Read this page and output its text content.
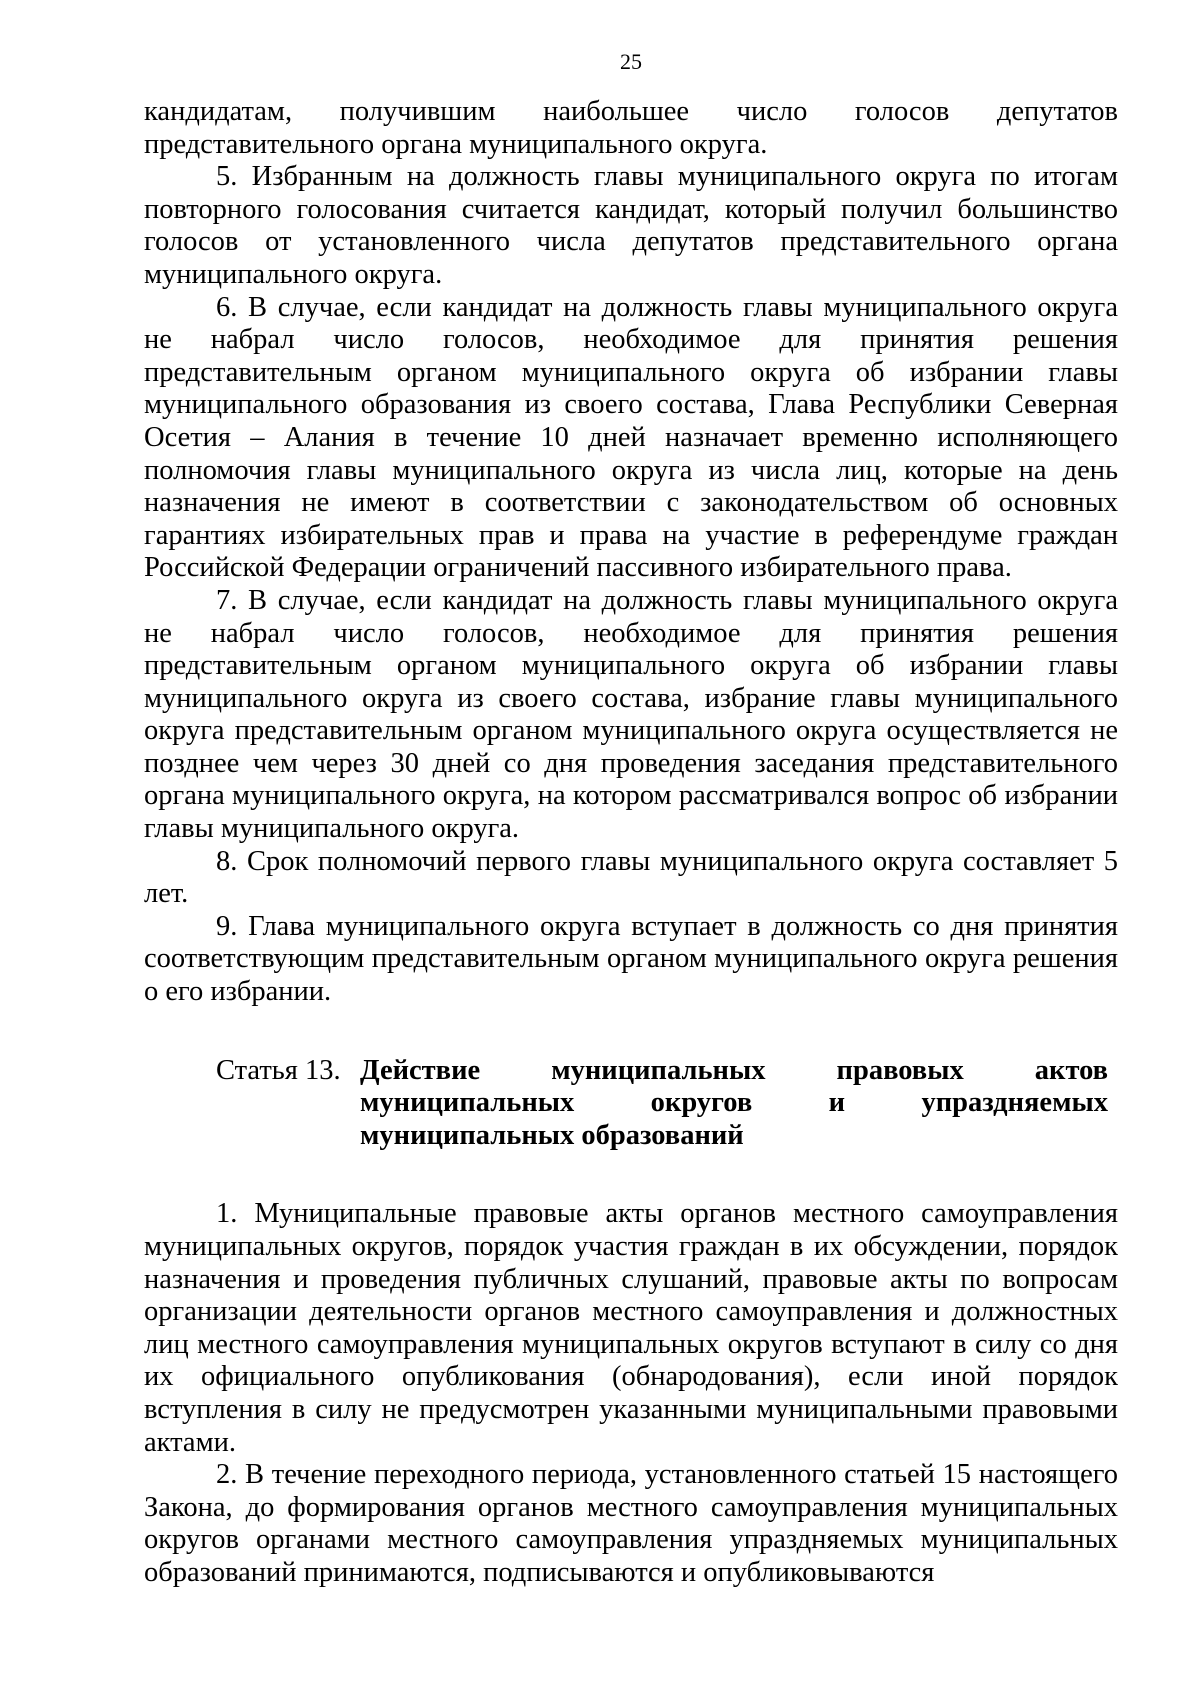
25

кандидатам, получившим наибольшее число голосов депутатов представительного органа муниципального округа.

5. Избранным на должность главы муниципального округа по итогам повторного голосования считается кандидат, который получил большинство голосов от установленного числа депутатов представительного органа муниципального округа.

6. В случае, если кандидат на должность главы муниципального округа не набрал число голосов, необходимое для принятия решения представительным органом муниципального округа об избрании главы муниципального образования из своего состава, Глава Республики Северная Осетия – Алания в течение 10 дней назначает временно исполняющего полномочия главы муниципального округа из числа лиц, которые на день назначения не имеют в соответствии с законодательством об основных гарантиях избирательных прав и права на участие в референдуме граждан Российской Федерации ограничений пассивного избирательного права.

7. В случае, если кандидат на должность главы муниципального округа не набрал число голосов, необходимое для принятия решения представительным органом муниципального округа об избрании главы муниципального округа из своего состава, избрание главы муниципального округа представительным органом муниципального округа осуществляется не позднее чем через 30 дней со дня проведения заседания представительного органа муниципального округа, на котором рассматривался вопрос об избрании главы муниципального округа.

8. Срок полномочий первого главы муниципального округа составляет 5 лет.

9. Глава муниципального округа вступает в должность со дня принятия соответствующим представительным органом муниципального округа решения о его избрании.

Статья 13. Действие муниципальных правовых актов муниципальных округов и упраздняемых муниципальных образований

1. Муниципальные правовые акты органов местного самоуправления муниципальных округов, порядок участия граждан в их обсуждении, порядок назначения и проведения публичных слушаний, правовые акты по вопросам организации деятельности органов местного самоуправления и должностных лиц местного самоуправления муниципальных округов вступают в силу со дня их официального опубликования (обнародования), если иной порядок вступления в силу не предусмотрен указанными муниципальными правовыми актами.

2. В течение переходного периода, установленного статьей 15 настоящего Закона, до формирования органов местного самоуправления муниципальных округов органами местного самоуправления упраздняемых муниципальных образований принимаются, подписываются и опубликовываются
